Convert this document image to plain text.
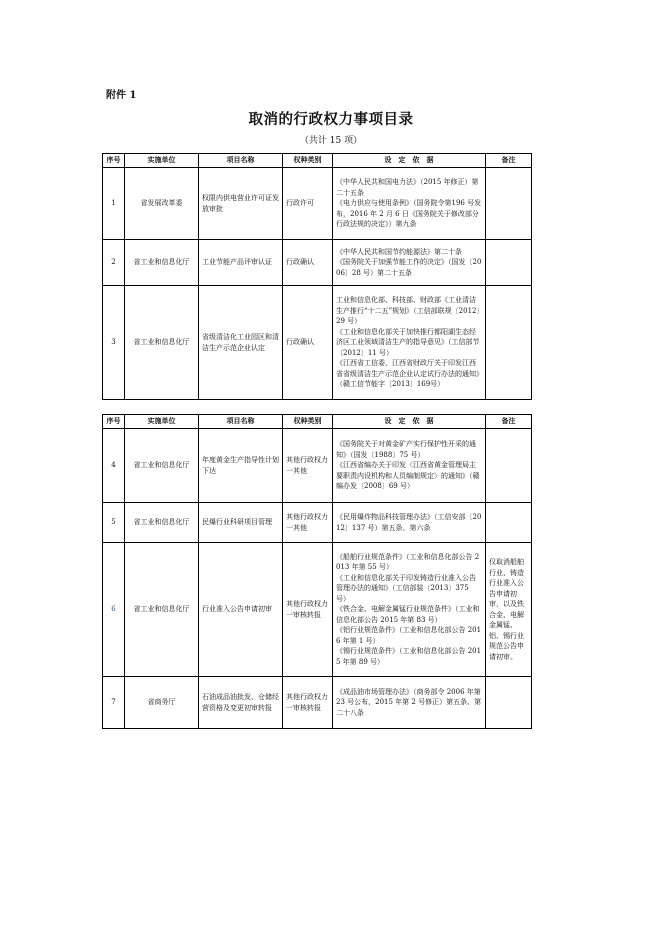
附件 1
取消的行政权力事项目录
（共计 15 项）
序号	实施单位	项目名称	权种类别	设　定　依　据	备注
1	省发展改革委	权限内供电营业许可证发放审批	行政许可	《中华人民共和国电力法》（2015 年修正）第二十五条
《电力供应与使用条例》（国务院令第196 号发布，2016 年 2 月 6 日《国务院关于修改部分行政法规的决定》）第九条	
2	省工业和信息化厅	工业节能产品评审认证	行政确认	《中华人民共和国节约能源法》第二十条
《国务院关于加强节能工作的决定》（国发〔2006〕28 号）第二十五条	
3	省工业和信息化厅	省级清洁化工业园区和清洁生产示范企业认定	行政确认	工业和信息化部、科技部、财政部《工业清洁生产推行“十二五”规划》（工信部联规〔2012〕29 号）
《工业和信息化部关于加快推行都阳湖生态经济区工业领域清洁生产的指导意见》（工信部节〔2012〕11 号）
《江西省工信委，江西省财政厅关于印发江西省省级清洁生产示范企业认定试行办法的通知》（赣工信节能字〔2013〕169号）	
序号	实施单位	项目名称	权种类别	设　定　依　据	备注
4	省工业和信息化厅	年度黄金生产指导性计划下达	其他行政权力一其他	《国务院关于对黄金矿产实行保护性开采的通知》（国发〔1988〕75 号）
《江西省编办关于印发〈江西省黄金管理局主要职责内设机构和人员编制规定〉的通知》（赣编办发〔2008〕69 号）	
5	省工业和信息化厅	民爆行业科研项目管理	其他行政权力一其他	《民用爆炸物品科技管理办法》（工信安部〔2012〕137 号）第五条、第六条	
6	省工业和信息化厅	行业准入公告申请初审	其他行政权力一审核转报	《船舶行业规范条件》（工业和信息化部公告 2013 年第 55 号）
《工业和信息化部关于印发铸造行业准入公告管理办法的通知》（工信部装〔2013〕375 号）
《铁合金、电解金属锰行业规范条件》（工业和信息化部公告 2015 年第 83 号）
《铝行业规范条件》（工业和信息化部公告 2016 年第 1 号）
《锡行业规范条件》（工业和信息化部公告 2015 年第 89 号）	仅取消船舶行业、铸造行业准入公告申请初审，以及铁合金、电解金属锰、铝、锡行业规范公告申请初审。
7	省商务厅	石油成品油批发、仓储经营资格及变更初审转报	其他行政权力一审核转报	《成品油市场管理办法》（商务部令 2006 年第 23 号公布，2015 年第 2 号修正）第五条、第二十八条	
